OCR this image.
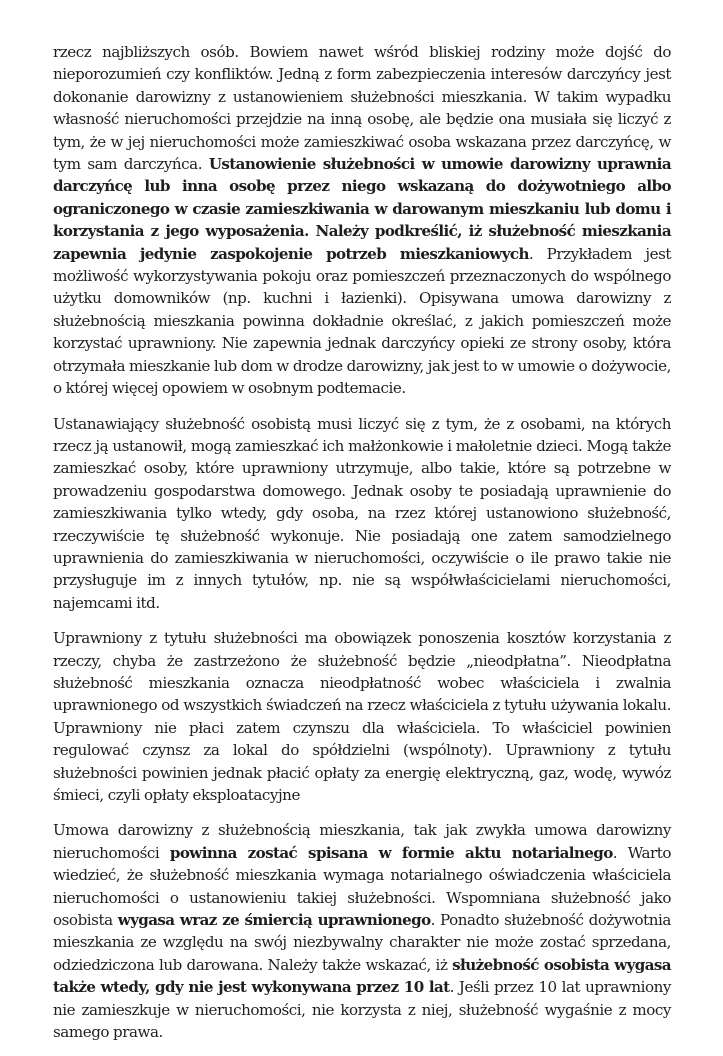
rzecz najbliższych osób. Bowiem nawet wśród bliskiej rodziny może dojść do nieporozumień czy konfliktów. Jedną z form zabezpieczenia interesów darczyńcy jest dokonanie darowizny z ustanowieniem służebności mieszkania. W takim wypadku własność nieruchomości przejdzie na inną osobę, ale będzie ona musiała się liczyć z tym, że w jej nieruchomości może zamieszkiwać osoba wskazana przez darczyńcę, w tym sam darczyńca. Ustanowienie służebności w umowie darowizny uprawnia darczyńcę lub inna osobę przez niego wskazaną do dożywotniego albo ograniczonego w czasie zamieszkiwania w darowanym mieszkaniu lub domu i korzystania z jego wyposażenia. Należy podkreślić, iż służebność mieszkania zapewnia jedynie zaspokojenie potrzeb mieszkaniowych. Przykładem jest możliwość wykorzystywania pokoju oraz pomieszczeń przeznaczonych do wspólnego użytku domowników (np. kuchni i łazienki). Opisywana umowa darowizny z służebnością mieszkania powinna dokładnie określać, z jakich pomieszczeń może korzystać uprawniony. Nie zapewnia jednak darczyńcy opieki ze strony osoby, która otrzymała mieszkanie lub dom w drodze darowizny, jak jest to w umowie o dożywocie, o której więcej opowiem w osobnym podtemacie.

Ustanawiający służebność osobistą musi liczyć się z tym, że z osobami, na których rzecz ją ustanowił, mogą zamieszkać ich małżonkowie i małoletnie dzieci. Mogą także zamieszkać osoby, które uprawniony utrzymuje, albo takie, które są potrzebne w prowadzeniu gospodarstwa domowego. Jednak osoby te posiadają uprawnienie do zamieszkiwania tylko wtedy, gdy osoba, na rzez której ustanowiono służebność, rzeczywiście tę służebność wykonuje. Nie posiadają one zatem samodzielnego uprawnienia do zamieszkiwania w nieruchomości, oczywiście o ile prawo takie nie przysługuje im z innych tytułów, np. nie są współwłaścicielami nieruchomości, najemcami itd.

Uprawniony z tytułu służebności ma obowiązek ponoszenia kosztów korzystania z rzeczy, chyba że zastrzeżono że służebność będzie „nieodpłatna”. Nieodpłatna służebność mieszkania oznacza nieodpłatność wobec właściciela i zwalnia uprawnionego od wszystkich świadczeń na rzecz właściciela z tytułu używania lokalu. Uprawniony nie płaci zatem czynszu dla właściciela. To właściciel powinien regulować czynsz za lokal do spółdzielni (wspólnoty). Uprawniony z tytułu służebności powinien jednak płacić opłaty za energię elektryczną, gaz, wodę, wywóz śmieci, czyli opłaty eksploatacyjne

Umowa darowizny z służebnością mieszkania, tak jak zwykła umowa darowizny nieruchomości powinna zostać spisana w formie aktu notarialnego. Warto wiedzieć, że służebność mieszkania wymaga notarialnego oświadczenia właściciela nieruchomości o ustanowieniu takiej służebności. Wspomniana służebność jako osobista wygasa wraz ze śmiercią uprawnionego. Ponadto służebność dożywotnia mieszkania ze względu na swój niezbywalny charakter nie może zostać sprzedana, odziedziczona lub darowana. Należy także wskazać, iż służebność osobista wygasa także wtedy, gdy nie jest wykonywana przez 10 lat. Jeśli przez 10 lat uprawniony nie zamieszkuje w nieruchomości, nie korzysta z niej, służebność wygaśnie z mocy samego prawa.
